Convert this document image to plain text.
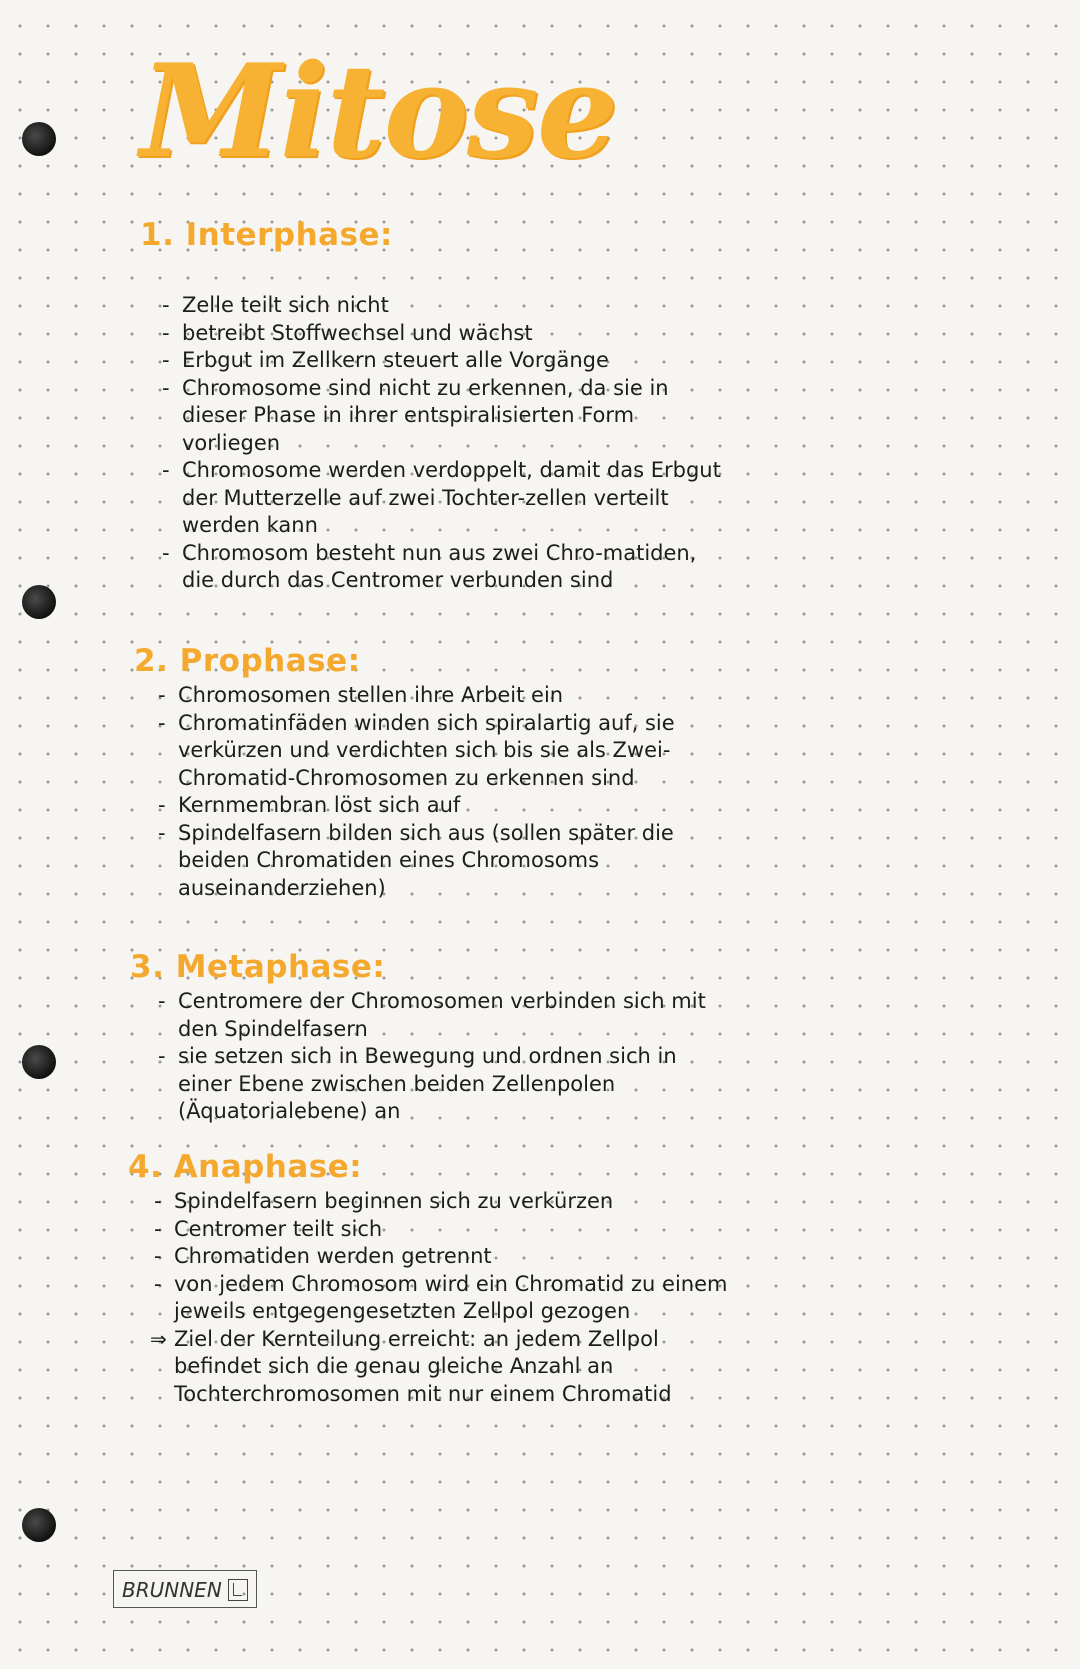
Mitose
1. Interphase:
- Zelle teilt sich nicht
- betreibt Stoffwechsel und wächst
- Erbgut im Zellkern steuert alle Vorgänge
- Chromosome sind nicht zu erkennen, da sie in dieser Phase in ihrer entspiralisierten Form vorliegen
- Chromosome werden verdoppelt, damit das Erbgut der Mutterzelle auf zwei Tochter-zellen verteilt werden kann
- Chromosom besteht nun aus zwei Chro-matiden, die durch das Centromer verbunden sind
2. Prophase:
- Chromosomen stellen ihre Arbeit ein
- Chromatinfäden winden sich spiralartig auf, sie verkürzen und verdichten sich bis sie als Zwei-Chromatid-Chromosomen zu erkennen sind
- Kernmembran löst sich auf
- Spindelfasern bilden sich aus (sollen später die beiden Chromatiden eines Chromosoms auseinanderziehen)
3. Metaphase:
- Centromere der Chromosomen verbinden sich mit den Spindelfasern
- sie setzen sich in Bewegung und ordnen sich in einer Ebene zwischen beiden Zellenpolen (Äquatorialebene) an
4. Anaphase:
- Spindelfasern beginnen sich zu verkürzen
- Centromer teilt sich
- Chromatiden werden getrennt
- von jedem Chromosom wird ein Chromatid zu einem jeweils entgegengesetzten Zellpol gezogen
⇒ Ziel der Kernteilung erreicht: an jedem Zellpol befindet sich die genau gleiche Anzahl an Tochterchromosomen mit nur einem Chromatid
BRUNNEN
